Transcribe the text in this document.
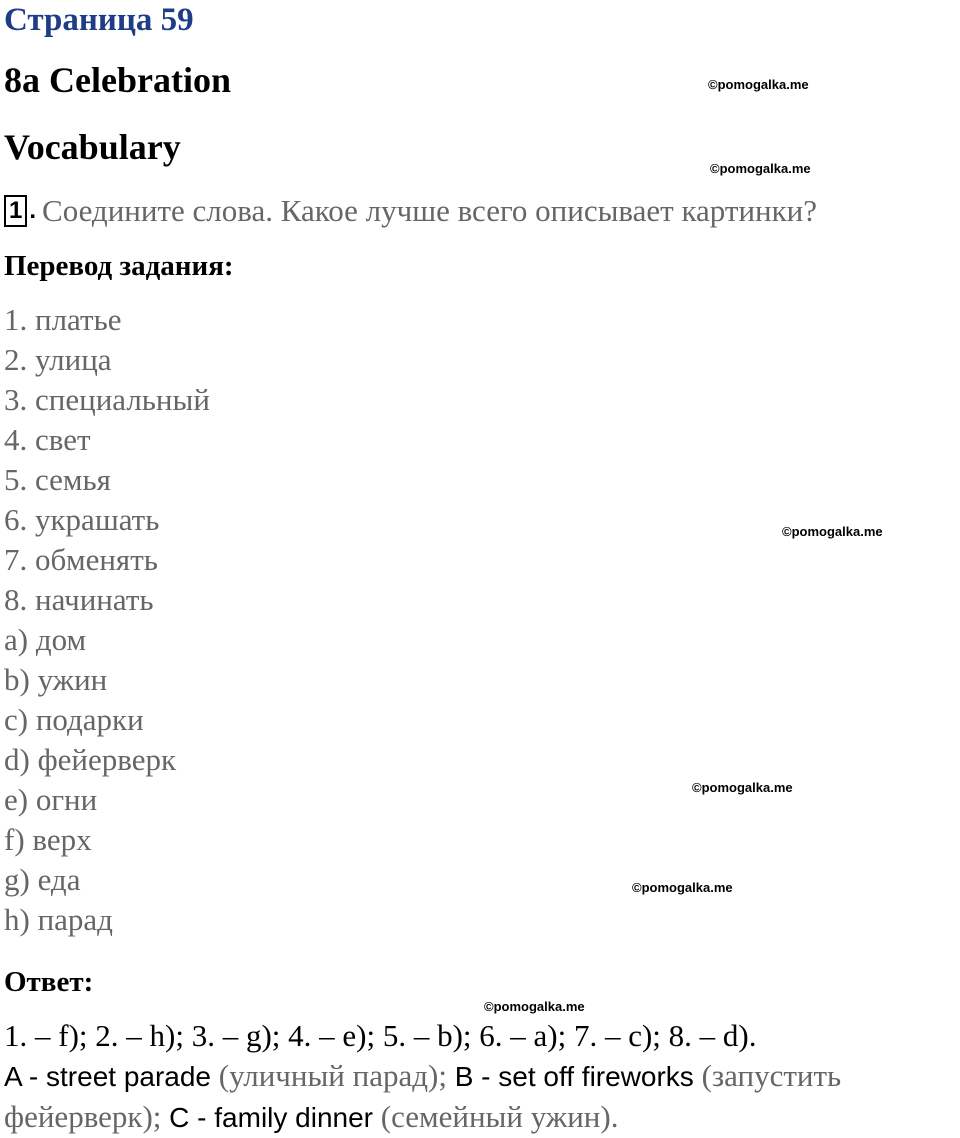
Страница 59
8a Celebration	©pomogalka.me
Vocabulary
©pomogalka.me
1 . Соедините слова. Какое лучше всего описывает картинки?
Перевод задания:
1. платье
2. улица
3. специальный
4. свет
5. семья
6. украшать
7. обменять
8. начинать
a) дом
b) ужин
c) подарки
d) фейерверк
e) огни
f) верх
g) еда
h) парад
©pomogalka.me
©pomogalka.me
©pomogalka.me
Ответ:
©pomogalka.me
1. – f); 2. – h); 3. – g); 4. – e); 5. – b); 6. – a); 7. – c); 8. – d).
A - street parade (уличный парад); B - set off fireworks (запустить
фейерверк); C - family dinner (семейный ужин).
